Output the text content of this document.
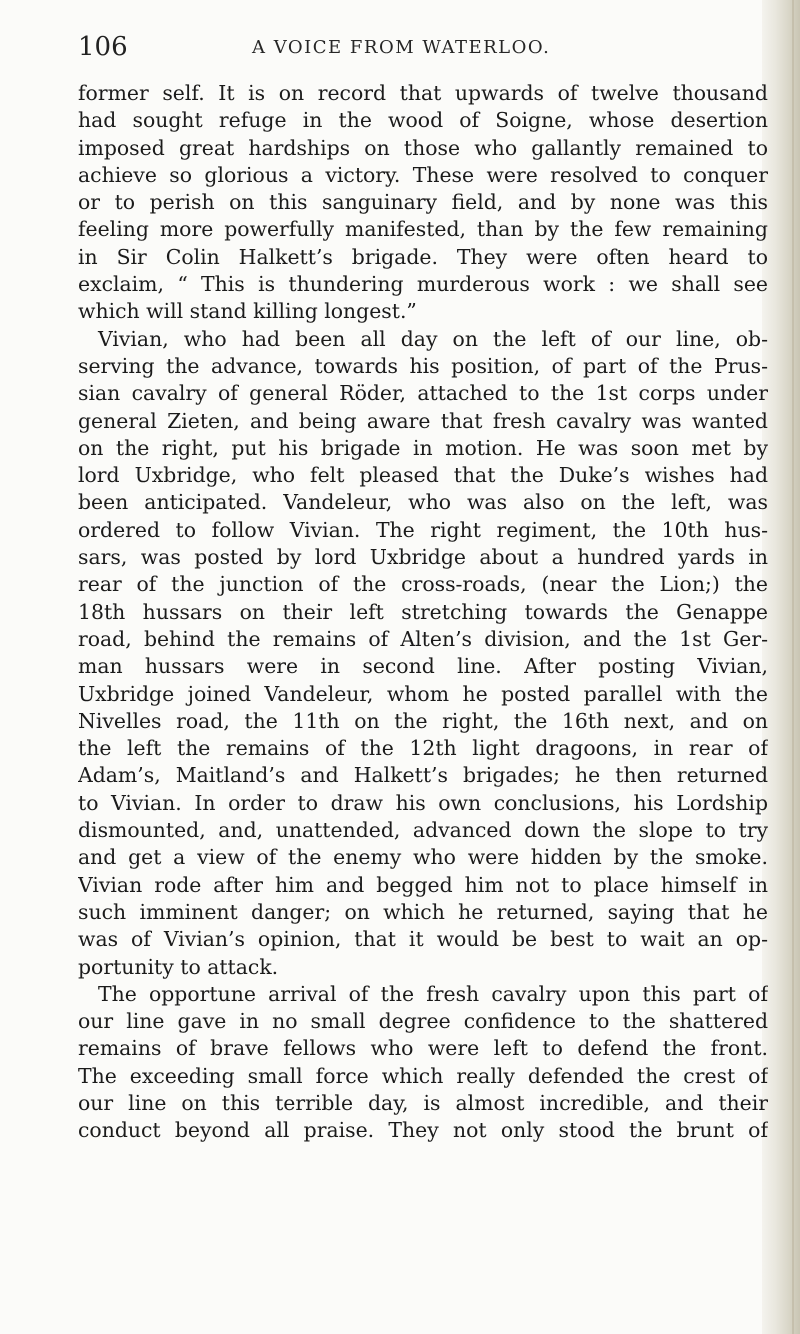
106	A VOICE FROM WATERLOO.
former self. It is on record that upwards of twelve thousand
had sought refuge in the wood of Soigne, whose desertion
imposed great hardships on those who gallantly remained to
achieve so glorious a victory. These were resolved to conquer
or to perish on this sanguinary field, and by none was this
feeling more powerfully manifested, than by the few remaining
in Sir Colin Halkett’s brigade. They were often heard to
exclaim, “ This is thundering murderous work : we shall see
which will stand killing longest.”
Vivian, who had been all day on the left of our line, ob-
serving the advance, towards his position, of part of the Prus-
sian cavalry of general Röder, attached to the 1st corps under
general Zieten, and being aware that fresh cavalry was wanted
on the right, put his brigade in motion. He was soon met by
lord Uxbridge, who felt pleased that the Duke’s wishes had
been anticipated. Vandeleur, who was also on the left, was
ordered to follow Vivian. The right regiment, the 10th hus-
sars, was posted by lord Uxbridge about a hundred yards in
rear of the junction of the cross-roads, (near the Lion;) the
18th hussars on their left stretching towards the Genappe
road, behind the remains of Alten’s division, and the 1st Ger-
man hussars were in second line. After posting Vivian,
Uxbridge joined Vandeleur, whom he posted parallel with the
Nivelles road, the 11th on the right, the 16th next, and on
the left the remains of the 12th light dragoons, in rear of
Adam’s, Maitland’s and Halkett’s brigades; he then returned
to Vivian. In order to draw his own conclusions, his Lordship
dismounted, and, unattended, advanced down the slope to try
and get a view of the enemy who were hidden by the smoke.
Vivian rode after him and begged him not to place himself in
such imminent danger; on which he returned, saying that he
was of Vivian’s opinion, that it would be best to wait an op-
portunity to attack.
The opportune arrival of the fresh cavalry upon this part of
our line gave in no small degree confidence to the shattered
remains of brave fellows who were left to defend the front.
The exceeding small force which really defended the crest of
our line on this terrible day, is almost incredible, and their
conduct beyond all praise. They not only stood the brunt of
